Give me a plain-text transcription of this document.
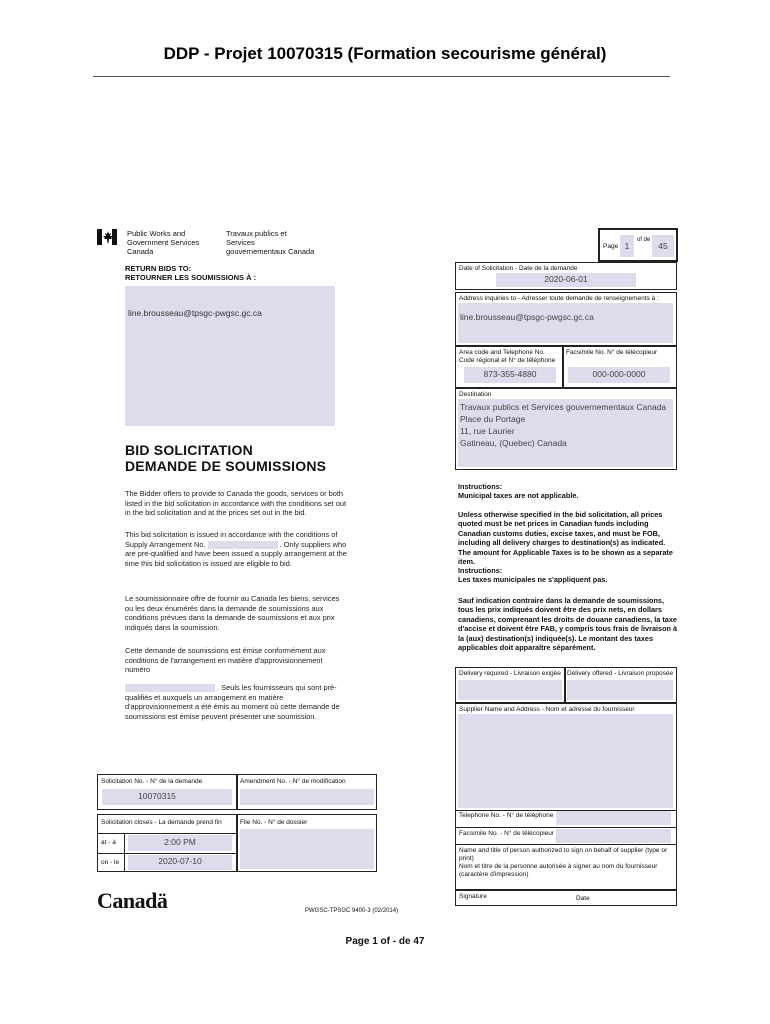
DDP - Projet 10070315 (Formation secourisme général)
Public Works and Government Services Canada
Travaux publics et Services gouvernementaux Canada
RETURN BIDS TO:
RETOURNER LES SOUMISSIONS À :
line.brousseau@tpsgc-pwgsc.gc.ca
BID SOLICITATION
DEMANDE DE SOUMISSIONS
The Bidder offers to provide to Canada the goods, services or both listed in the bid solicitation in accordance with the conditions set out in the bid solicitation and at the prices set out in the bid.
This bid solicitation is issued in accordance with the conditions of Supply Arrangement No.	. Only suppliers who are pre-qualified and have been issued a supply arrangement at the time this bid solicitation is issued are eligible to bid.
Le soumissionnaire offre de fournir au Canada les biens, services ou les deux énumérés dans la demande de soumissions aux conditions prévues dans la demande de soumissions et aux prix indiqués dans la soumission.
Cette demande de soumissions est émise conformément aux conditions de l'arrangement en matière d'approvisionnement numéro
. Seuls les fournisseurs qui sont pré-qualifiés et auxquels un arrangement en matière d'approvisionnement a été émis au moment où cette demande de soumissions est émise peuvent présenter une soumission.
Page 1
of de
45
Date of Solicitation - Date de la demande
2020-06-01
Address inquiries to - Adresser toute demande de renseignements à :
line.brousseau@tpsgc-pwgsc.gc.ca
Area code and Telephone No. Code régional et N° de téléphone
Facsimile No. N° de télécopieur
873-355-4880	000-000-0000
Destination
Travaux publics et Services gouvernementaux Canada
Place du Portage
11, rue Laurier
Gatineau, (Quebec) Canada
Instructions:
Municipal taxes are not applicable.
Unless otherwise specified in the bid solicitation, all prices quoted must be net prices in Canadian funds including Canadian customs duties, excise taxes, and must be FOB, including all delivery charges to destination(s) as indicated. The amount for Applicable Taxes is to be shown as a separate item.
Instructions:
Les taxes municipales ne s'appliquent pas.
Sauf indication contraire dans la demande de soumissions, tous les prix indiqués doivent être des prix nets, en dollars canadiens, comprenant les droits de douane canadiens, la taxe d'accise et doivent être FAB, y compris tous frais de livraison à la (aux) destination(s) indiquée(s). Le montant des taxes applicables doit apparaître séparément.
Delivery required - Livraison exigée Delivery offered - Livraison proposée
Supplier Name and Address - Nom et adresse du fournisseur
Telephone No. - N° de téléphone
Facsimile No. - N° de télécopieur
Name and title of person authorized to sign on behalf of supplier (type or print)
Nom et titre de la personne autorisée à signer au nom du fournisseur (caractère d'impression)
Signature	Date
Solicitation No. - N° de la demande	Amendment No. - N° de modification
10070315
Solicitation closes - La demande prend fin	File No. - N° de dossier
at - à	2:00 PM
on - le	2020-07-10
Canadä	PWGSC-TPSGC 9400-3 (02/2014)
Page 1 of - de 47
